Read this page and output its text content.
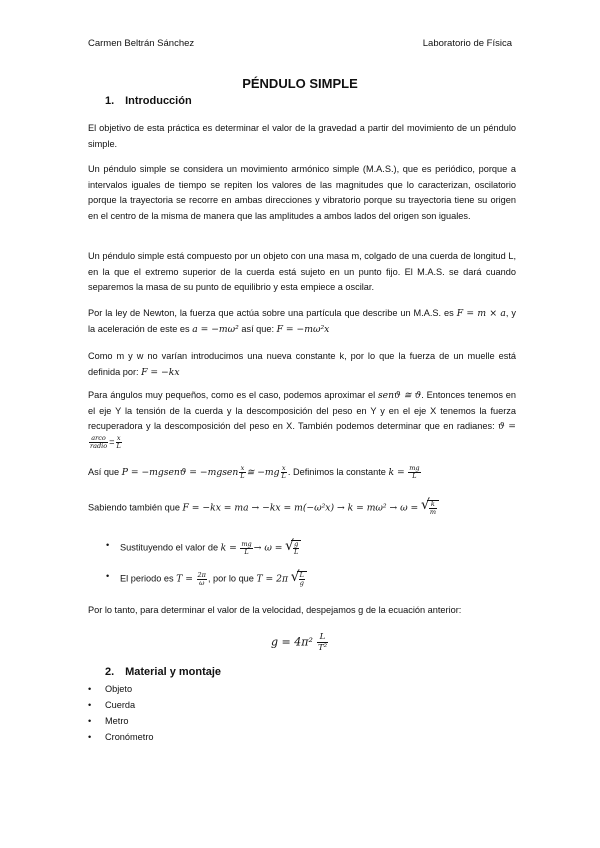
Carmen Beltrán Sánchez	Laboratorio de Física
PÉNDULO SIMPLE
1. Introducción
El objetivo de esta práctica es determinar el valor de la gravedad a partir del movimiento de un péndulo simple.
Un péndulo simple se considera un movimiento armónico simple (M.A.S.), que es periódico, porque a intervalos iguales de tiempo se repiten los valores de las magnitudes que lo caracterizan, oscilatorio porque la trayectoria se recorre en ambas direcciones y vibratorio porque su trayectoria tiene su origen en el centro de la misma de manera que las amplitudes a ambos lados del origen son iguales.
Un péndulo simple está compuesto por un objeto con una masa m, colgado de una cuerda de longitud L, en la que el extremo superior de la cuerda está sujeto en un punto fijo. El M.A.S. se dará cuando separemos la masa de su punto de equilibrio y esta empiece a oscilar.
Por la ley de Newton, la fuerza que actúa sobre una partícula que describe un M.A.S. es F = m × a, y la aceleración de este es a = −mω² así que: F = −mω²x
Como m y w no varían introducimos una nueva constante k, por lo que la fuerza de un muelle está definida por: F = −kx
Para ángulos muy pequeños, como es el caso, podemos aproximar el senϑ ≅ ϑ. Entonces tenemos en el eje Y la tensión de la cuerda y la descomposición del peso en Y y en el eje X tenemos la fuerza recuperadora y la descomposición del peso en X. También podemos determinar que en radianes: ϑ =
$\frac{\text{arco}}{\text{radio}} = \frac{x}{L}$
Así que P = −mgsenϑ = −mgsen $\frac{x}{L}$ ≅ $-mg \frac{x}{L}$ . Definimos la constante $k = \frac{mg}{L}$
Sabiendo también que F = −kx = ma → −kx = m(−ω²x) → k = mω² → ω = √ $\frac{k}{m}$
• Sustituyendo el valor de $k = \frac{mg}{L} \to \omega$ = √ $\frac{g}{L}$
• El periodo es $T = \frac{2\pi}{\omega}$ , por lo que T = 2π √ $\frac{L}{g}$
Por lo tanto, para determinar el valor de la velocidad, despejamos g de la ecuación anterior:
$g = 4\pi^2 \frac{L}{\text{T²}}$
2. Material y montaje
• Objeto
• Cuerda
• Metro
• Cronómetro
